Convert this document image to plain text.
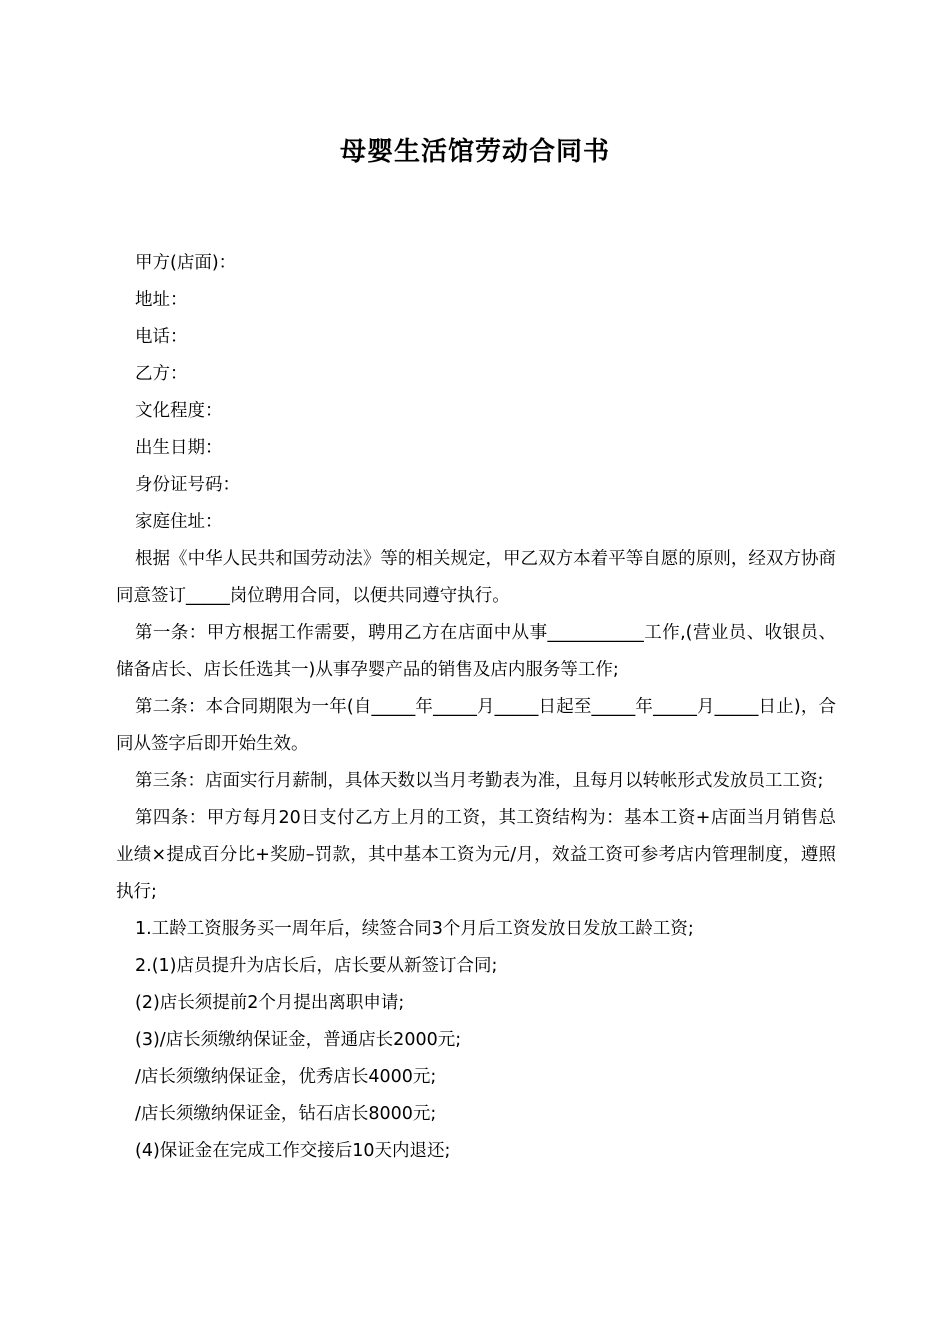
母婴生活馆劳动合同书

甲方(店面)：

地址：

电话：

乙方：

文化程度：

出生日期：

身份证号码：

家庭住址：

根据《中华人民共和国劳动法》等的相关规定，甲乙双方本着平等自愿的原则，经双方协商同意签订_____岗位聘用合同，以便共同遵守执行。

第一条：甲方根据工作需要，聘用乙方在店面中从事___________工作,(营业员、收银员、储备店长、店长任选其一)从事孕婴产品的销售及店内服务等工作;

第二条：本合同期限为一年(自_____年_____月_____日起至_____年_____月_____日止)，合同从签字后即开始生效。

第三条：店面实行月薪制，具体天数以当月考勤表为准，且每月以转帐形式发放员工工资;

第四条：甲方每月20日支付乙方上月的工资，其工资结构为：基本工资+店面当月销售总业绩×提成百分比+奖励–罚款，其中基本工资为元/月，效益工资可参考店内管理制度，遵照执行;

1.工龄工资服务买一周年后，续签合同3个月后工资发放日发放工龄工资;

2.(1)店员提升为店长后，店长要从新签订合同;

(2)店长须提前2个月提出离职申请;

(3)/店长须缴纳保证金，普通店长2000元;

/店长须缴纳保证金，优秀店长4000元;

/店长须缴纳保证金，钻石店长8000元;

(4)保证金在完成工作交接后10天内退还;
